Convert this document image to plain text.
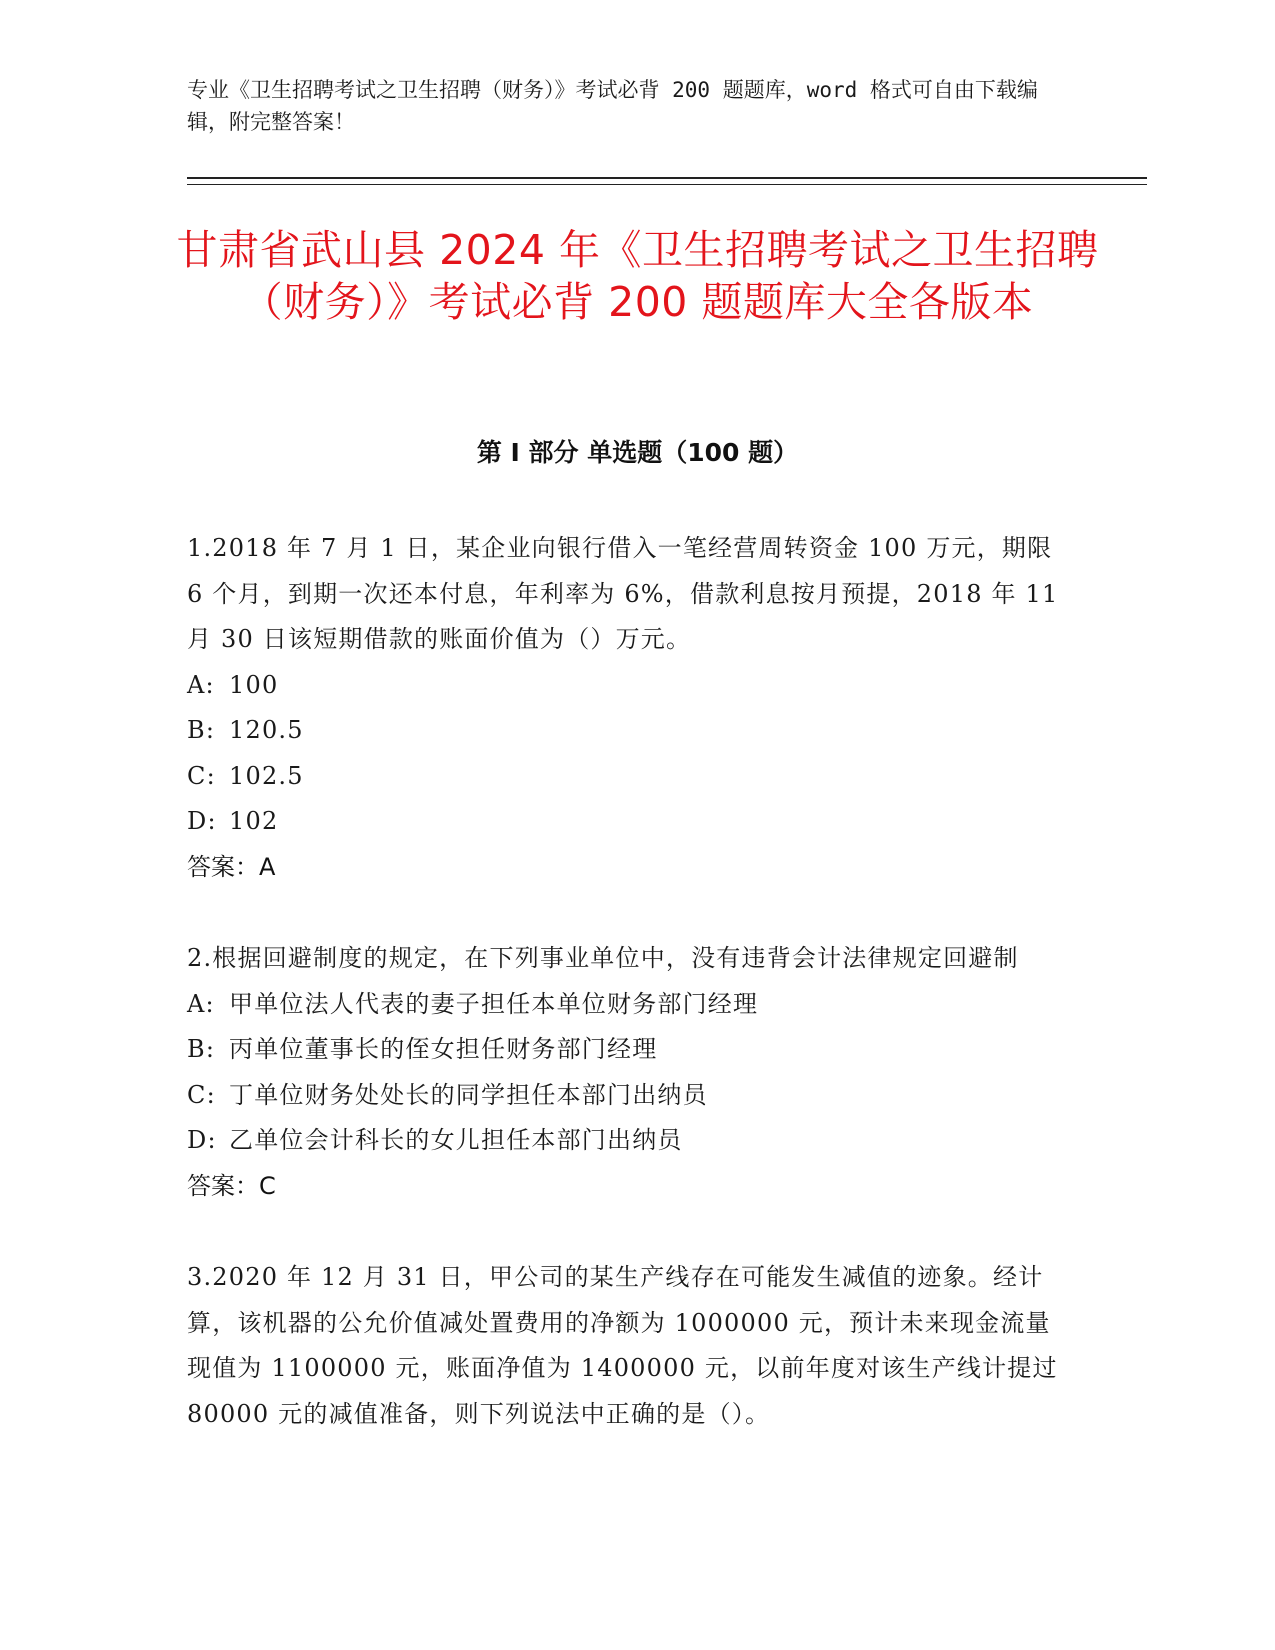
专业《卫生招聘考试之卫生招聘（财务）》考试必背 200 题题库，word 格式可自由下载编辑，附完整答案！

甘肃省武山县 2024 年《卫生招聘考试之卫生招聘（财务）》考试必背 200 题题库大全各版本
第 I 部分 单选题（100 题）

1.2018 年 7 月 1 日，某企业向银行借入一笔经营周转资金 100 万元，期限 6 个月，到期一次还本付息，年利率为 6%，借款利息按月预提，2018 年 11 月 30 日该短期借款的账面价值为（）万元。

A: 100

B: 120.5

C: 102.5

D: 102

答案：A

2.根据回避制度的规定，在下列事业单位中，没有违背会计法律规定回避制

A: 甲单位法人代表的妻子担任本单位财务部门经理

B: 丙单位董事长的侄女担任财务部门经理

C: 丁单位财务处处长的同学担任本部门出纳员

D: 乙单位会计科长的女儿担任本部门出纳员

答案：C

3.2020 年 12 月 31 日，甲公司的某生产线存在可能发生减值的迹象。经计算，该机器的公允价值减处置费用的净额为 1000000 元，预计未来现金流量现值为 1100000 元，账面净值为 1400000 元，以前年度对该生产线计提过 80000 元的减值准备，则下列说法中正确的是（）。
